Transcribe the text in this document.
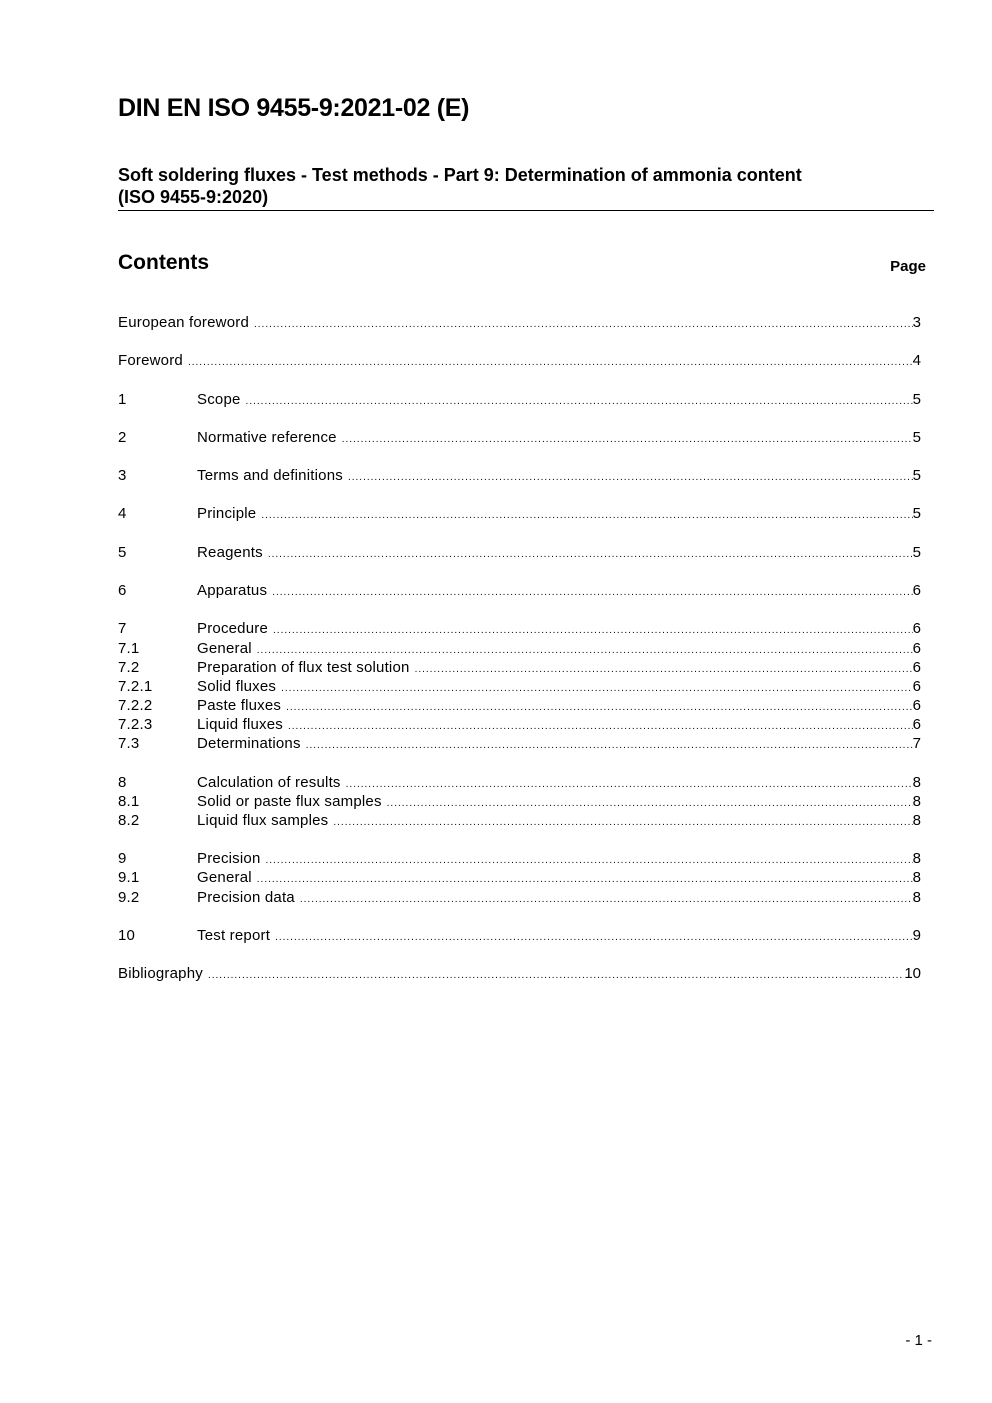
DIN EN ISO 9455-9:2021-02 (E)
Soft soldering fluxes - Test methods - Part 9: Determination of ammonia content
(ISO 9455-9:2020)
Contents	Page
European foreword .....	3
Foreword .....	4
1	Scope .....	5
2	Normative reference .....	5
3	Terms and definitions .....	5
4	Principle .....	5
5	Reagents .....	5
6	Apparatus .....	6
7	Procedure .....	6
7.1	General .....	6
7.2	Preparation of flux test solution .....	6
7.2.1	Solid fluxes .....	6
7.2.2	Paste fluxes .....	6
7.2.3	Liquid fluxes .....	6
7.3	Determinations .....	7
8	Calculation of results .....	8
8.1	Solid or paste flux samples .....	8
8.2	Liquid flux samples .....	8
9	Precision .....	8
9.1	General .....	8
9.2	Precision data .....	8
10	Test report .....	9
Bibliography .....	10
- 1 -
